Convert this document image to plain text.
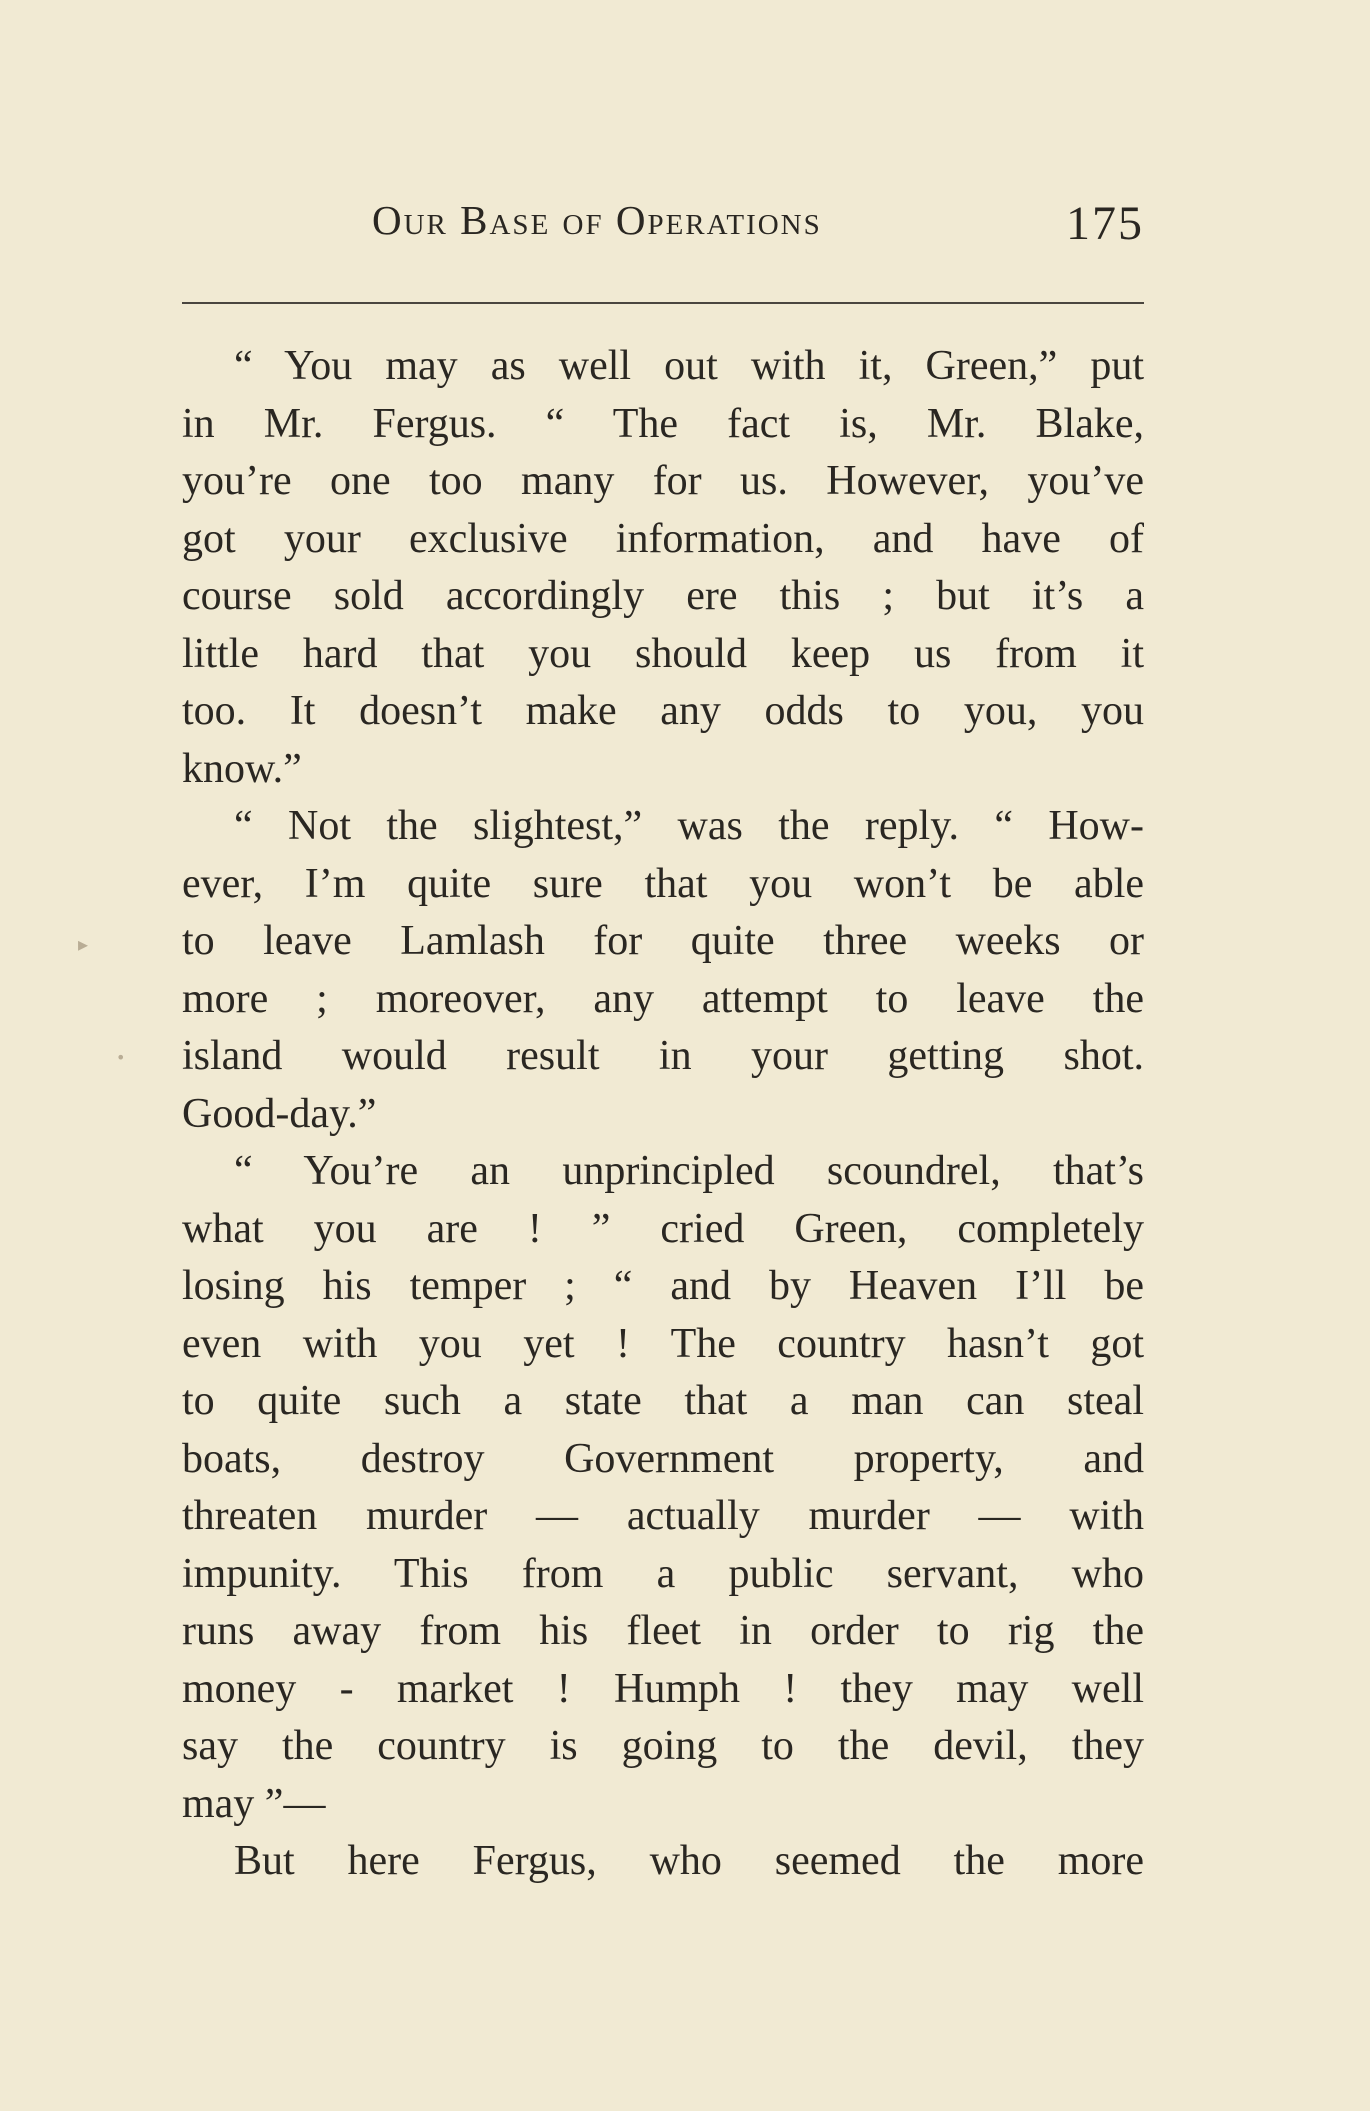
Our Base of Operations	175
▸
•
“ You may as well out with it, Green,” put
in Mr. Fergus. “ The fact is, Mr. Blake,
you’re one too many for us. However, you’ve
got your exclusive information, and have of
course sold accordingly ere this ; but it’s a
little hard that you should keep us from it
too. It doesn’t make any odds to you, you
know.”
“ Not the slightest,” was the reply. “ How-
ever, I’m quite sure that you won’t be able
to leave Lamlash for quite three weeks or
more ; moreover, any attempt to leave the
island would result in your getting shot.
Good-day.”
“ You’re an unprincipled scoundrel, that’s
what you are ! ” cried Green, completely
losing his temper ; “ and by Heaven I’ll be
even with you yet ! The country hasn’t got
to quite such a state that a man can steal
boats, destroy Government property, and
threaten murder — actually murder — with
impunity. This from a public servant, who
runs away from his fleet in order to rig the
money - market ! Humph ! they may well
say the country is going to the devil, they
may ”—
But here Fergus, who seemed the more
